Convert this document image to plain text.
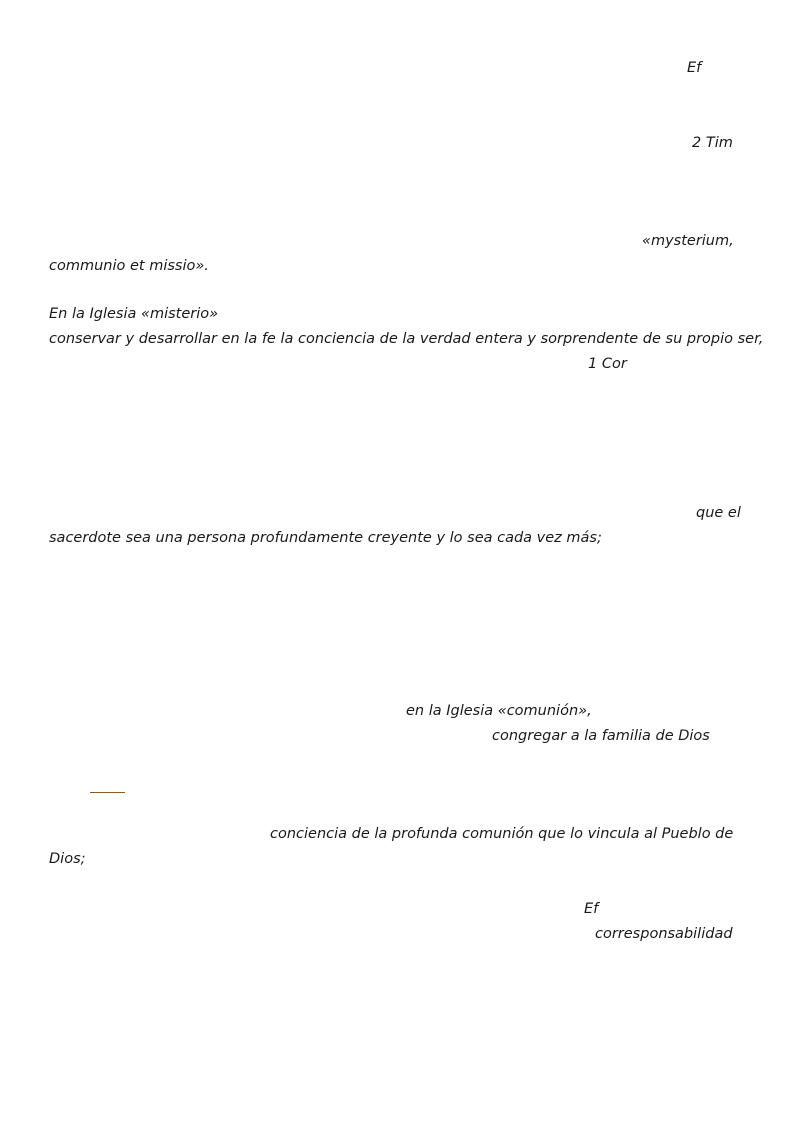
Ef
2 Tim
«mysterium,
communio et missio».
En la Iglesia «misterio»
conservar y desarrollar en la fe la conciencia de la verdad entera y sorprendente de su propio ser,
1 Cor
que el
sacerdote sea una persona profundamente creyente y lo sea cada vez más;
en la Iglesia «comunión»,
congregar a la familia de Dios
conciencia de la profunda comunión que lo vincula al Pueblo de
Dios;
Ef
corresponsabilidad
